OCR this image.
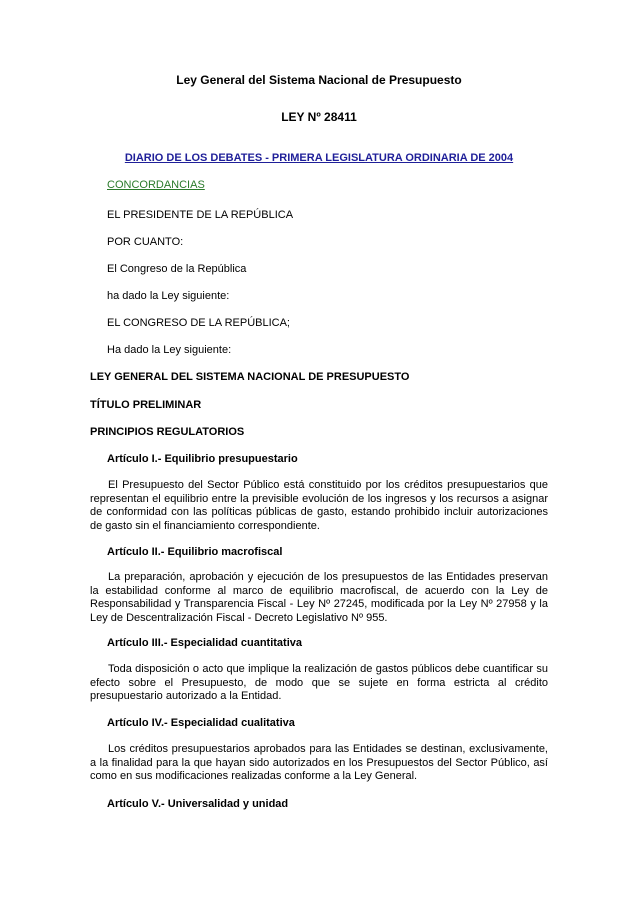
Ley General del Sistema Nacional de Presupuesto
LEY Nº 28411
DIARIO DE LOS DEBATES - PRIMERA LEGISLATURA ORDINARIA DE 2004
CONCORDANCIAS
EL PRESIDENTE DE LA REPÚBLICA
POR CUANTO:
El Congreso de la República
ha dado la Ley siguiente:
EL CONGRESO DE LA REPÚBLICA;
Ha dado la Ley siguiente:
LEY GENERAL DEL SISTEMA NACIONAL DE PRESUPUESTO
TÍTULO PRELIMINAR
PRINCIPIOS REGULATORIOS
Artículo I.- Equilibrio presupuestario
El Presupuesto del Sector Público está constituido por los créditos presupuestarios que representan el equilibrio entre la previsible evolución de los ingresos y los recursos a asignar de conformidad con las políticas públicas de gasto, estando prohibido incluir autorizaciones de gasto sin el financiamiento correspondiente.
Artículo II.- Equilibrio macrofiscal
La preparación, aprobación y ejecución de los presupuestos de las Entidades preservan la estabilidad conforme al marco de equilibrio macrofiscal, de acuerdo con la Ley de Responsabilidad y Transparencia Fiscal - Ley Nº 27245, modificada por la Ley Nº 27958 y la Ley de Descentralización Fiscal - Decreto Legislativo Nº 955.
Artículo III.- Especialidad cuantitativa
Toda disposición o acto que implique la realización de gastos públicos debe cuantificar su efecto sobre el Presupuesto, de modo que se sujete en forma estricta al crédito presupuestario autorizado a la Entidad.
Artículo IV.- Especialidad cualitativa
Los créditos presupuestarios aprobados para las Entidades se destinan, exclusivamente, a la finalidad para la que hayan sido autorizados en los Presupuestos del Sector Público, así como en sus modificaciones realizadas conforme a la Ley General.
Artículo V.- Universalidad y unidad
